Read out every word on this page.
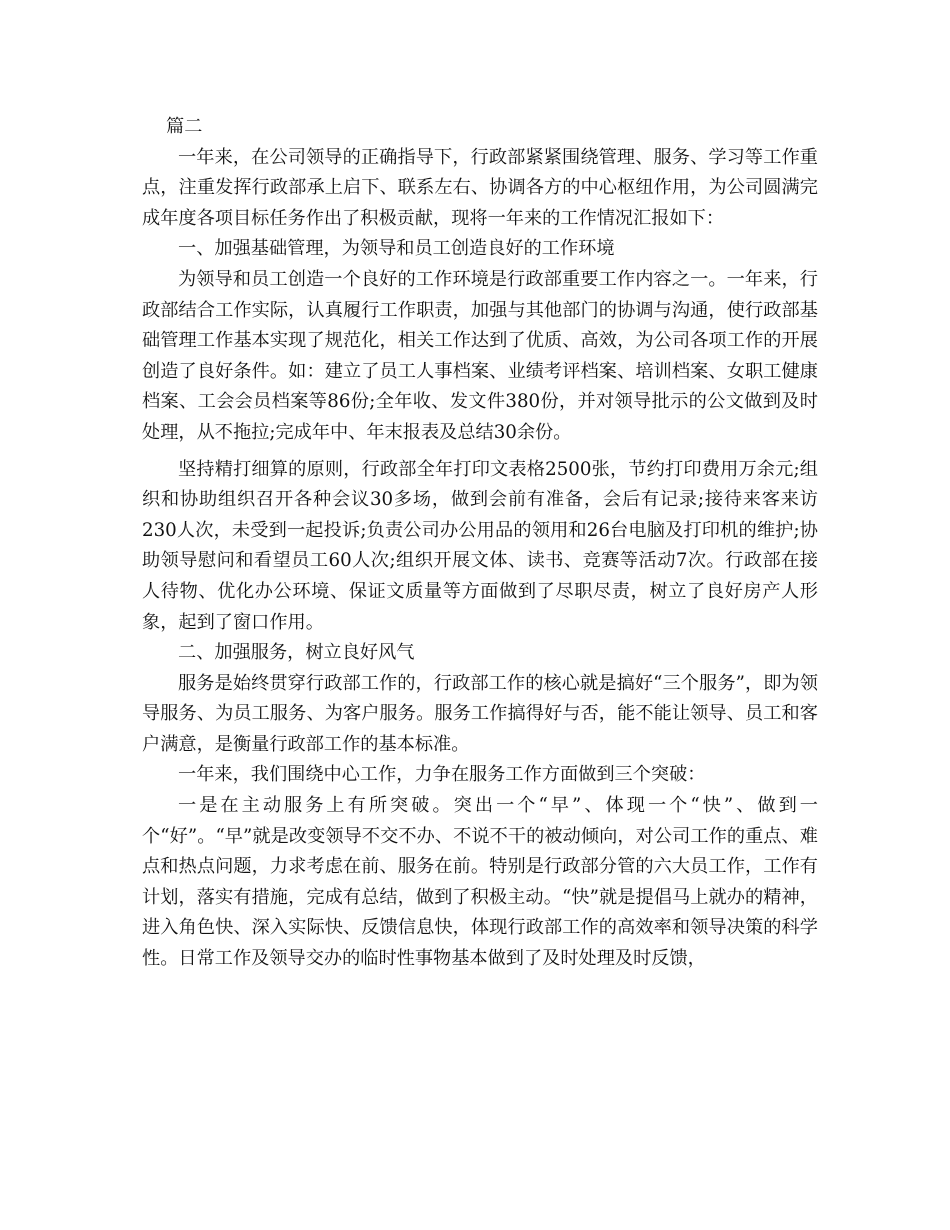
篇二

一年来，在公司领导的正确指导下，行政部紧紧围绕管理、服务、学习等工作重点，注重发挥行政部承上启下、联系左右、协调各方的中心枢纽作用，为公司圆满完成年度各项目标任务作出了积极贡献，现将一年来的工作情况汇报如下：

一、加强基础管理，为领导和员工创造良好的工作环境

为领导和员工创造一个良好的工作环境是行政部重要工作内容之一。一年来，行政部结合工作实际，认真履行工作职责，加强与其他部门的协调与沟通，使行政部基础管理工作基本实现了规范化，相关工作达到了优质、高效，为公司各项工作的开展创造了良好条件。如：建立了员工人事档案、业绩考评档案、培训档案、女职工健康档案、工会会员档案等86份;全年收、发文件380份，并对领导批示的公文做到及时处理，从不拖拉;完成年中、年末报表及总结30余份。

坚持精打细算的原则，行政部全年打印文表格2500张，节约打印费用万余元;组织和协助组织召开各种会议30多场，做到会前有准备，会后有记录;接待来客来访230人次，未受到一起投诉;负责公司办公用品的领用和26台电脑及打印机的维护;协助领导慰问和看望员工60人次;组织开展文体、读书、竞赛等活动7次。行政部在接人待物、优化办公环境、保证文质量等方面做到了尽职尽责，树立了良好房产人形象，起到了窗口作用。

二、加强服务，树立良好风气

服务是始终贯穿行政部工作的，行政部工作的核心就是搞好“三个服务”，即为领导服务、为员工服务、为客户服务。服务工作搞得好与否，能不能让领导、员工和客户满意，是衡量行政部工作的基本标准。

一年来，我们围绕中心工作，力争在服务工作方面做到三个突破：

一是在主动服务上有所突破。突出一个“早”、体现一个“快”、做到一个“好”。“早”就是改变领导不交不办、不说不干的被动倾向，对公司工作的重点、难点和热点问题，力求考虑在前、服务在前。特别是行政部分管的六大员工作，工作有计划，落实有措施，完成有总结，做到了积极主动。“快”就是提倡马上就办的精神，进入角色快、深入实际快、反馈信息快，体现行政部工作的高效率和领导决策的科学性。日常工作及领导交办的临时性事物基本做到了及时处理及时反馈，
